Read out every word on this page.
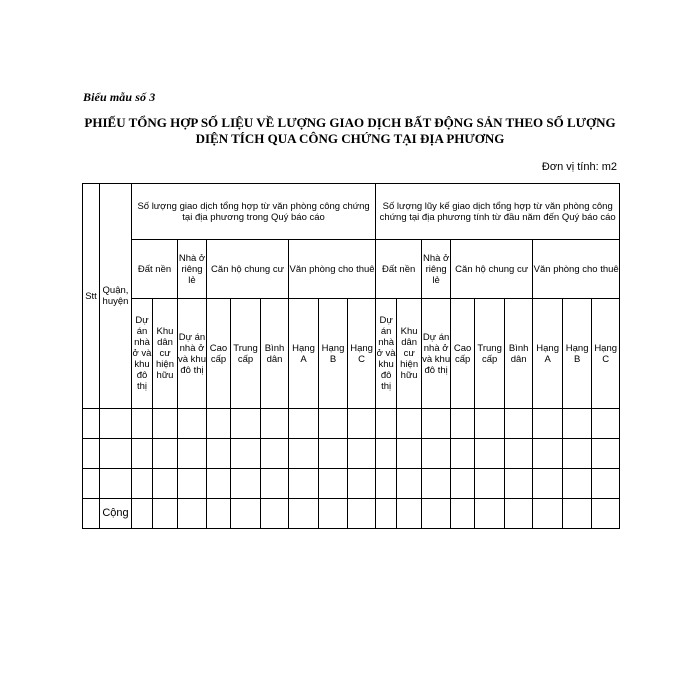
Biểu mẫu số 3
PHIẾU TỔNG HỢP SỐ LIỆU VỀ LƯỢNG GIAO DỊCH BẤT ĐỘNG SẢN THEO SỐ LƯỢNG
DIỆN TÍCH QUA CÔNG CHỨNG TẠI ĐỊA PHƯƠNG
Đơn vị tính: m2
Stt	Quận, huyện	Số lượng giao dịch tổng hợp từ văn phòng công chứng tại địa phương trong Quý báo cáo									Số lượng lũy kế giao dịch tổng hợp từ văn phòng công chứng tại địa phương tính từ đầu năm đến Quý báo cáo								
		Đất nền		Nhà ở riêng lẻ	Căn hộ chung cư			Văn phòng cho thuê			Đất nền		Nhà ở riêng lẻ	Căn hộ chung cư			Văn phòng cho thuê		
		Dự án nhà ở và khu đô thị	Khu dân cư hiện hữu	Dự án nhà ở và khu đô thị	Cao cấp	Trung cấp	Bình dân	Hạng A	Hạng B	Hạng C	Dự án nhà ở và khu đô thị	Khu dân cư hiện hữu	Dự án nhà ở và khu đô thị	Cao cấp	Trung cấp	Bình dân	Hạng A	Hạng B	Hạng C

	Cộng																		
